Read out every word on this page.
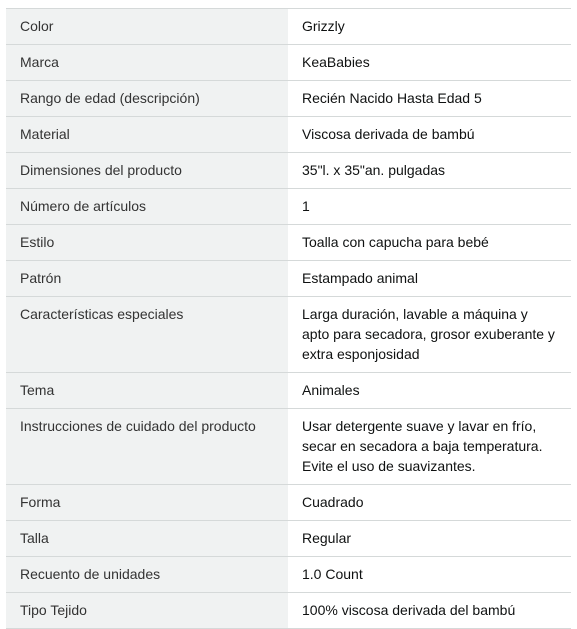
Color	Grizzly
Marca	KeaBabies
Rango de edad (descripción)	Recién Nacido Hasta Edad 5
Material	Viscosa derivada de bambú
Dimensiones del producto	35"l. x 35"an. pulgadas
Número de artículos	1
Estilo	Toalla con capucha para bebé
Patrón	Estampado animal
Características especiales	Larga duración, lavable a máquina y apto para secadora, grosor exuberante y extra esponjosidad
Tema	Animales
Instrucciones de cuidado del producto	Usar detergente suave y lavar en frío, secar en secadora a baja temperatura. Evite el uso de suavizantes.
Forma	Cuadrado
Talla	Regular
Recuento de unidades	1.0 Count
Tipo Tejido	100% viscosa derivada del bambú
